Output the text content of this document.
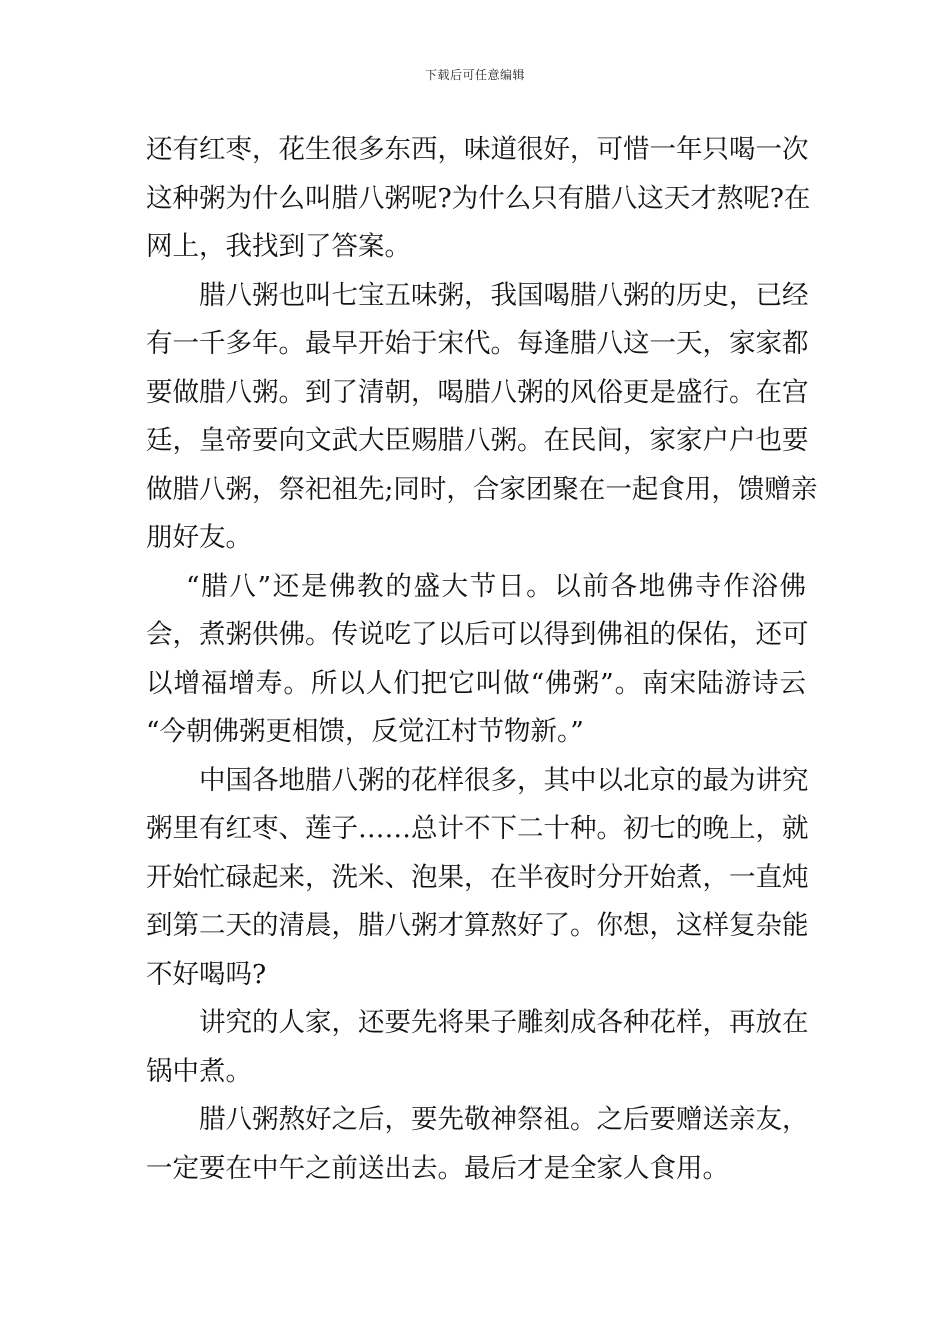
下载后可任意编辑
还有红枣，花生很多东西，味道很好，可惜一年只喝一次
这种粥为什么叫腊八粥呢?为什么只有腊八这天才熬呢?在
网上，我找到了答案。
腊八粥也叫七宝五味粥，我国喝腊八粥的历史，已经
有一千多年。最早开始于宋代。每逢腊八这一天，家家都
要做腊八粥。到了清朝，喝腊八粥的风俗更是盛行。在宫
廷，皇帝要向文武大臣赐腊八粥。在民间，家家户户也要
做腊八粥，祭祀祖先;同时，合家团聚在一起食用，馈赠亲
朋好友。
“腊八”还是佛教的盛大节日。以前各地佛寺作浴佛
会，煮粥供佛。传说吃了以后可以得到佛祖的保佑，还可
以增福增寿。所以人们把它叫做“佛粥”。南宋陆游诗云
“今朝佛粥更相馈，反觉江村节物新。”
中国各地腊八粥的花样很多，其中以北京的最为讲究
粥里有红枣、莲子……总计不下二十种。初七的晚上，就
开始忙碌起来，洗米、泡果，在半夜时分开始煮，一直炖
到第二天的清晨，腊八粥才算熬好了。你想，这样复杂能
不好喝吗?
讲究的人家，还要先将果子雕刻成各种花样，再放在
锅中煮。
腊八粥熬好之后，要先敬神祭祖。之后要赠送亲友，
一定要在中午之前送出去。最后才是全家人食用。
